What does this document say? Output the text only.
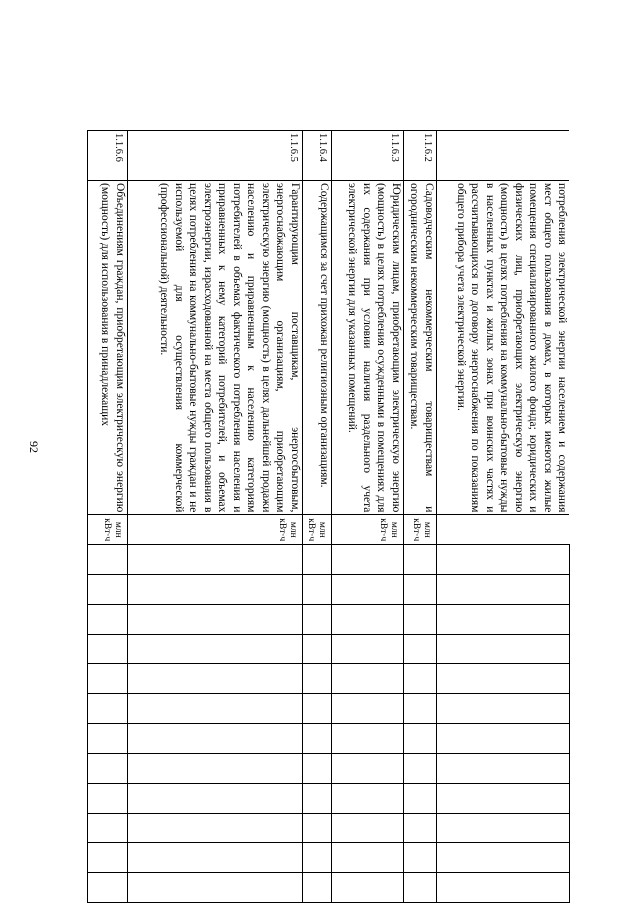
92
		потребления электрической энергии населением и содержания мест общего пользования в домах, в которых имеются жилые помещения специализированного жилого фонда; юридических и физических лиц, приобретающих электрическую энергию (мощность) в целях потребления на коммунально-бытовые нужды в населенных пунктах и жилых зонах при воинских частях и рассчитывающихся по договору энергоснабжения по показаниям общего прибора учета электрической энергии.													
1.1.6.2	Садоводческим некоммерческим товариществам и огородническим некоммерческим товариществам.	млн кВт·ч												
1.1.6.3	Юридическим лицам, приобретающим электрическую энергию (мощность) в целях потребления осужденными в помещениях для их содержания при условии наличия раздельного учета электрической энергии для указанных помещений.	млн кВт·ч												
1.1.6.4	Содержащимся за счет прихожан религиозным организациям.	млн кВт·ч												
1.1.6.5	Гарантирующим поставщикам, энергосбытовым, энергоснабжающим организациям, приобретающим электрическую энергию (мощность) в целях дальнейшей продажи населению и приравненным к населению категориям потребителей в объемах фактического потребления населения и приравненных к нему категорий потребителей, и объемах электроэнергии, израсходованной на места общего пользования в целях потребления на коммунально-бытовые нужды граждан и не используемой для осуществления коммерческой (профессиональной) деятельности.	млн кВт·ч												
1.1.6.6	Объединениям граждан, приобретающим электрическую энергию (мощность) для использования в принадлежащих	млн кВт·ч												
